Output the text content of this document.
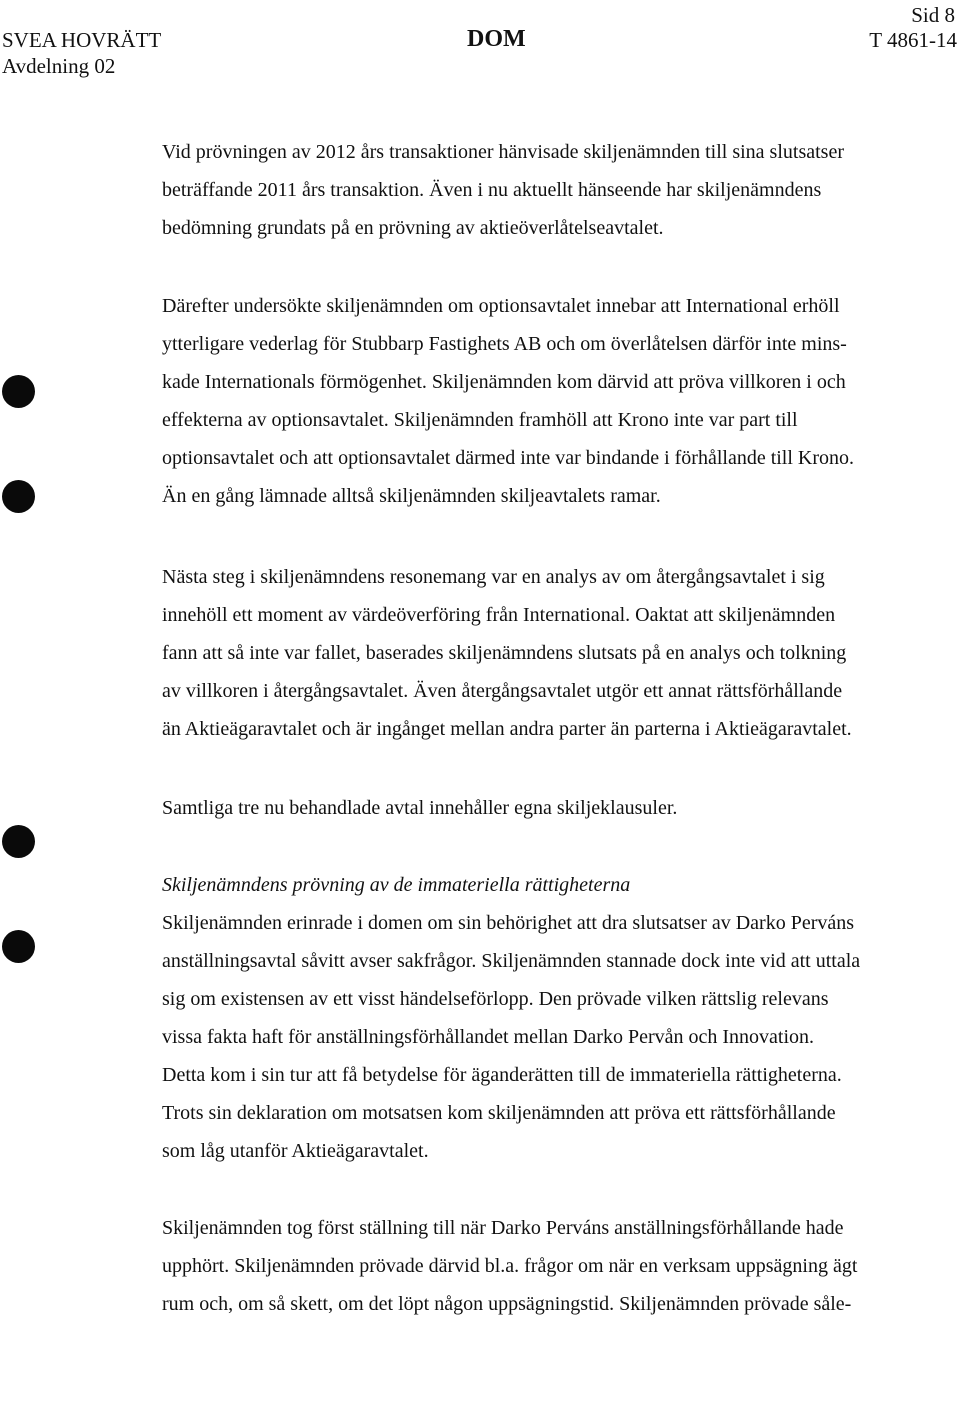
SVEA HOVRÄTT
Avdelning 02
DOM
Sid 8
T 4861-14
Vid prövningen av 2012 års transaktioner hänvisade skiljenämnden till sina slutsatser
beträffande 2011 års transaktion. Även i nu aktuellt hänseende har skiljenämndens
bedömning grundats på en prövning av aktieöverlåtelseavtalet.
Därefter undersökte skiljenämnden om optionsavtalet innebar att International erhöll
ytterligare vederlag för Stubbarp Fastighets AB och om överlåtelsen därför inte mins-
kade Internationals förmögenhet. Skiljenämnden kom därvid att pröva villkoren i och
effekterna av optionsavtalet. Skiljenämnden framhöll att Krono inte var part till
optionsavtalet och att optionsavtalet därmed inte var bindande i förhållande till Krono.
Än en gång lämnade alltså skiljenämnden skiljeavtalets ramar.
Nästa steg i skiljenämndens resonemang var en analys av om återgångsavtalet i sig
innehöll ett moment av värdeöverföring från International. Oaktat att skiljenämnden
fann att så inte var fallet, baserades skiljenämndens slutsats på en analys och tolkning
av villkoren i återgångsavtalet. Även återgångsavtalet utgör ett annat rättsförhållande
än Aktieägaravtalet och är ingånget mellan andra parter än parterna i Aktieägaravtalet.
Samtliga tre nu behandlade avtal innehåller egna skiljeklausuler.
Skiljenämndens prövning av de immateriella rättigheterna
Skiljenämnden erinrade i domen om sin behörighet att dra slutsatser av Darko Perváns
anställningsavtal såvitt avser sakfrågor. Skiljenämnden stannade dock inte vid att uttala
sig om existensen av ett visst händelseförlopp. Den prövade vilken rättslig relevans
vissa fakta haft för anställningsförhållandet mellan Darko Pervån och Innovation.
Detta kom i sin tur att få betydelse för äganderätten till de immateriella rättigheterna.
Trots sin deklaration om motsatsen kom skiljenämnden att pröva ett rättsförhållande
som låg utanför Aktieägaravtalet.
Skiljenämnden tog först ställning till när Darko Perváns anställningsförhållande hade
upphört. Skiljenämnden prövade därvid bl.a. frågor om när en verksam uppsägning ägt
rum och, om så skett, om det löpt någon uppsägningstid. Skiljenämnden prövade såle-
